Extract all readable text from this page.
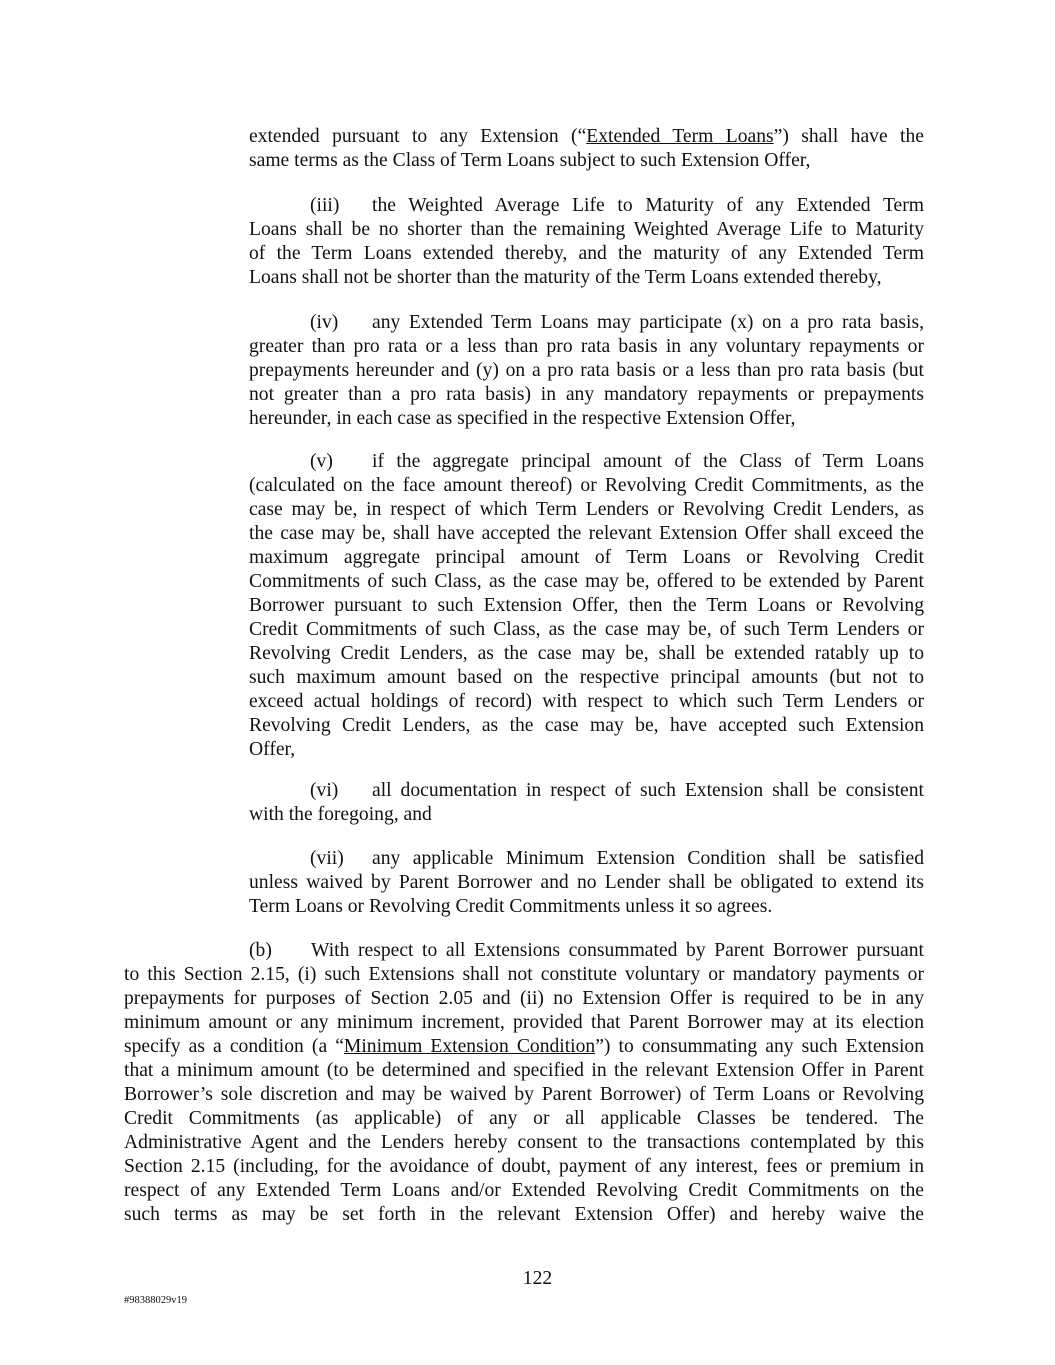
extended pursuant to any Extension (“Extended Term Loans”) shall have the
same terms as the Class of Term Loans subject to such Extension Offer,
(iii) the Weighted Average Life to Maturity of any Extended Term
Loans shall be no shorter than the remaining Weighted Average Life to Maturity
of the Term Loans extended thereby, and the maturity of any Extended Term
Loans shall not be shorter than the maturity of the Term Loans extended thereby,
(iv) any Extended Term Loans may participate (x) on a pro rata basis,
greater than pro rata or a less than pro rata basis in any voluntary repayments or
prepayments hereunder and (y) on a pro rata basis or a less than pro rata basis (but
not greater than a pro rata basis) in any mandatory repayments or prepayments
hereunder, in each case as specified in the respective Extension Offer,
(v) if the aggregate principal amount of the Class of Term Loans
(calculated on the face amount thereof) or Revolving Credit Commitments, as the
case may be, in respect of which Term Lenders or Revolving Credit Lenders, as
the case may be, shall have accepted the relevant Extension Offer shall exceed the
maximum aggregate principal amount of Term Loans or Revolving Credit
Commitments of such Class, as the case may be, offered to be extended by Parent
Borrower pursuant to such Extension Offer, then the Term Loans or Revolving
Credit Commitments of such Class, as the case may be, of such Term Lenders or
Revolving Credit Lenders, as the case may be, shall be extended ratably up to
such maximum amount based on the respective principal amounts (but not to
exceed actual holdings of record) with respect to which such Term Lenders or
Revolving Credit Lenders, as the case may be, have accepted such Extension
Offer,
(vi) all documentation in respect of such Extension shall be consistent
with the foregoing, and
(vii) any applicable Minimum Extension Condition shall be satisfied
unless waived by Parent Borrower and no Lender shall be obligated to extend its
Term Loans or Revolving Credit Commitments unless it so agrees.
(b) With respect to all Extensions consummated by Parent Borrower pursuant
to this Section 2.15, (i) such Extensions shall not constitute voluntary or mandatory payments or
prepayments for purposes of Section 2.05 and (ii) no Extension Offer is required to be in any
minimum amount or any minimum increment, provided that Parent Borrower may at its election
specify as a condition (a “Minimum Extension Condition”) to consummating any such Extension
that a minimum amount (to be determined and specified in the relevant Extension Offer in Parent
Borrower’s sole discretion and may be waived by Parent Borrower) of Term Loans or Revolving
Credit Commitments (as applicable) of any or all applicable Classes be tendered. The
Administrative Agent and the Lenders hereby consent to the transactions contemplated by this
Section 2.15 (including, for the avoidance of doubt, payment of any interest, fees or premium in
respect of any Extended Term Loans and/or Extended Revolving Credit Commitments on the
such terms as may be set forth in the relevant Extension Offer) and hereby waive the
122
#98388029v19
